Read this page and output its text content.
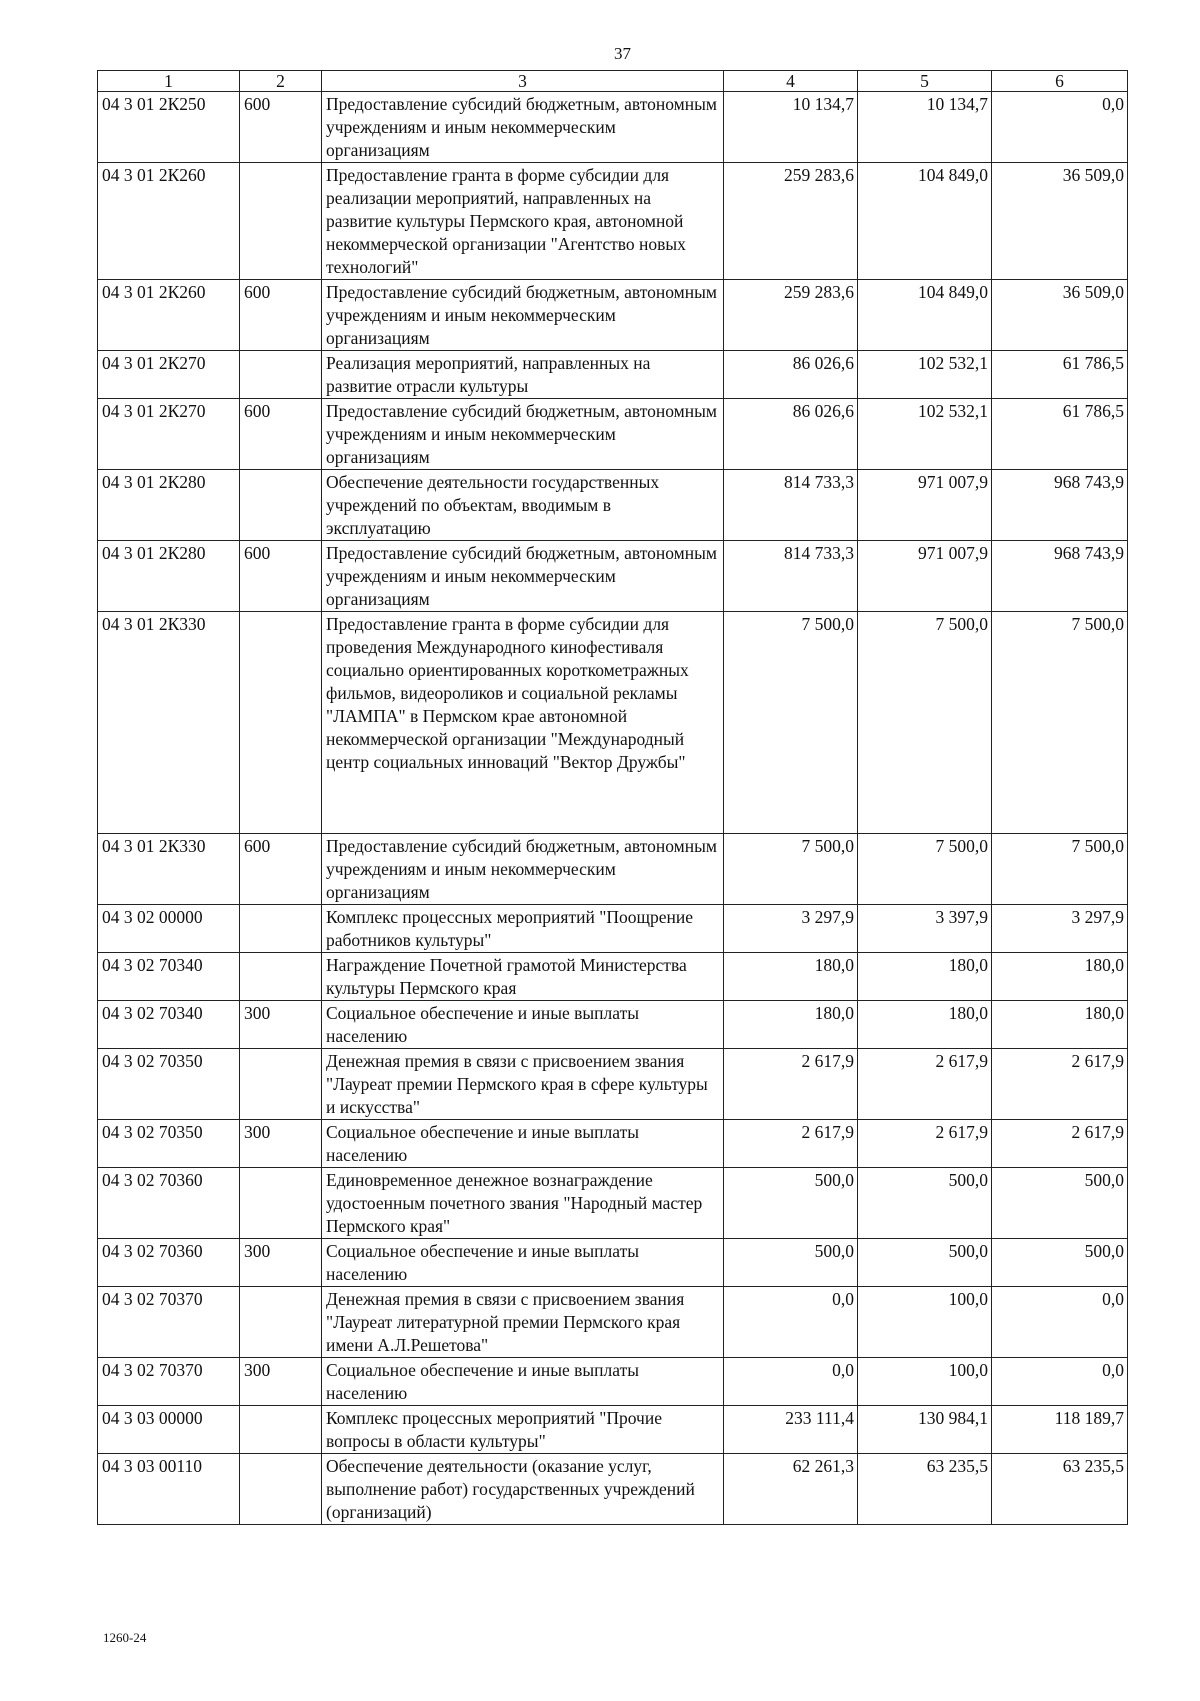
37
1	2	3	4	5	6
04 3 01 2К250	600	Предоставление субсидий бюджетным, автономным учреждениям и иным некоммерческим организациям	10 134,7	10 134,7	0,0
04 3 01 2К260		Предоставление гранта в форме субсидии для реализации мероприятий, направленных на развитие культуры Пермского края, автономной некоммерческой организации "Агентство новых технологий"	259 283,6	104 849,0	36 509,0
04 3 01 2К260	600	Предоставление субсидий бюджетным, автономным учреждениям и иным некоммерческим организациям	259 283,6	104 849,0	36 509,0
04 3 01 2К270		Реализация мероприятий, направленных на развитие отрасли культуры	86 026,6	102 532,1	61 786,5
04 3 01 2К270	600	Предоставление субсидий бюджетным, автономным учреждениям и иным некоммерческим организациям	86 026,6	102 532,1	61 786,5
04 3 01 2К280		Обеспечение деятельности государственных учреждений по объектам, вводимым в эксплуатацию	814 733,3	971 007,9	968 743,9
04 3 01 2К280	600	Предоставление субсидий бюджетным, автономным учреждениям и иным некоммерческим организациям	814 733,3	971 007,9	968 743,9
04 3 01 2К330		Предоставление гранта в форме субсидии для проведения Международного кинофестиваля социально ориентированных короткометражных фильмов, видеороликов и социальной рекламы "ЛАМПА" в Пермском крае автономной некоммерческой организации "Международный центр социальных инноваций "Вектор Дружбы"	7 500,0	7 500,0	7 500,0
04 3 01 2К330	600	Предоставление субсидий бюджетным, автономным учреждениям и иным некоммерческим организациям	7 500,0	7 500,0	7 500,0
04 3 02 00000		Комплекс процессных мероприятий "Поощрение работников культуры"	3 297,9	3 397,9	3 297,9
04 3 02 70340		Награждение Почетной грамотой Министерства культуры Пермского края	180,0	180,0	180,0
04 3 02 70340	300	Социальное обеспечение и иные выплаты населению	180,0	180,0	180,0
04 3 02 70350		Денежная премия в связи с присвоением звания "Лауреат премии Пермского края в сфере культуры и искусства"	2 617,9	2 617,9	2 617,9
04 3 02 70350	300	Социальное обеспечение и иные выплаты населению	2 617,9	2 617,9	2 617,9
04 3 02 70360		Единовременное денежное вознаграждение удостоенным почетного звания "Народный мастер Пермского края"	500,0	500,0	500,0
04 3 02 70360	300	Социальное обеспечение и иные выплаты населению	500,0	500,0	500,0
04 3 02 70370		Денежная премия в связи с присвоением звания "Лауреат литературной премии Пермского края имени А.Л.Решетова"	0,0	100,0	0,0
04 3 02 70370	300	Социальное обеспечение и иные выплаты населению	0,0	100,0	0,0
04 3 03 00000		Комплекс процессных мероприятий "Прочие вопросы в области культуры"	233 111,4	130 984,1	118 189,7
04 3 03 00110		Обеспечение деятельности (оказание услуг, выполнение работ) государственных учреждений (организаций)	62 261,3	63 235,5	63 235,5
1260-24
